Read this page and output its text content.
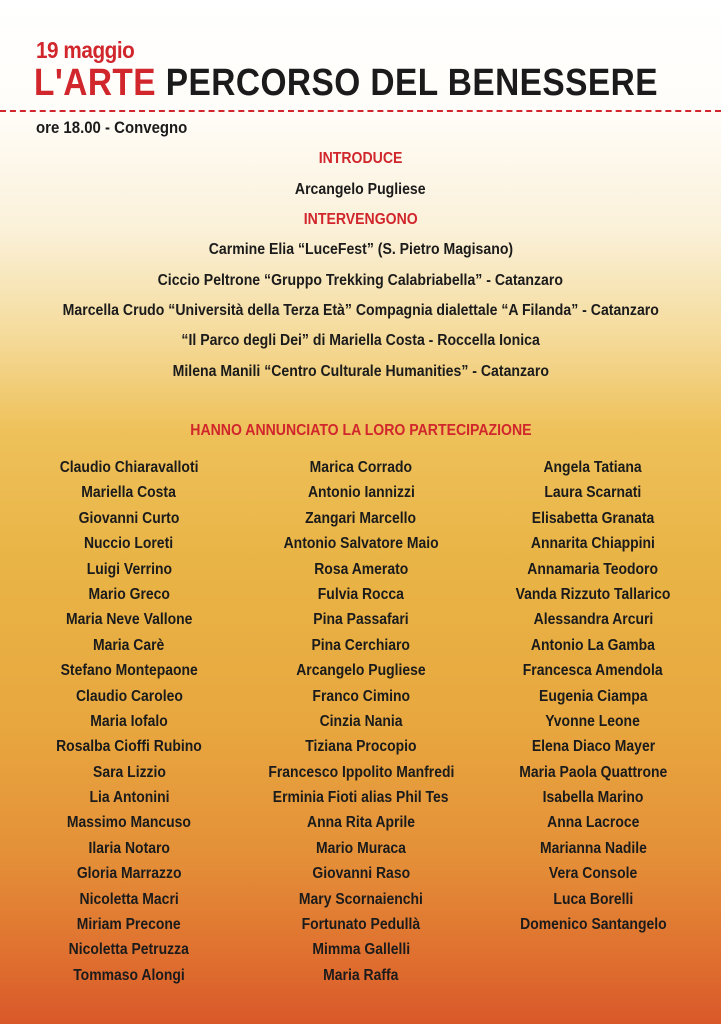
19 maggio
L'ARTE PERCORSO DEL BENESSERE
ore 18.00 - Convegno
INTRODUCE
Arcangelo Pugliese
INTERVENGONO
Carmine Elia “LuceFest” (S. Pietro Magisano)
Ciccio Peltrone “Gruppo Trekking Calabriabella” - Catanzaro
Marcella Crudo “Università della Terza Età” Compagnia dialettale “A Filanda” - Catanzaro
“Il Parco degli Dei” di Mariella Costa - Roccella Ionica
Milena Manili “Centro Culturale Humanities” - Catanzaro
HANNO ANNUNCIATO LA LORO PARTECIPAZIONE
Claudio Chiaravalloti
Mariella Costa
Giovanni Curto
Nuccio Loreti
Luigi Verrino
Mario Greco
Maria Neve Vallone
Maria Carè
Stefano Montepaone
Claudio Caroleo
Maria Iofalo
Rosalba Cioffi Rubino
Sara Lizzio
Lia Antonini
Massimo Mancuso
Ilaria Notaro
Gloria Marrazzo
Nicoletta Macri
Miriam Precone
Nicoletta Petruzza
Tommaso Alongi
Marica Corrado
Antonio Iannizzi
Zangari Marcello
Antonio Salvatore Maio
Rosa Amerato
Fulvia Rocca
Pina Passafari
Pina Cerchiaro
Arcangelo Pugliese
Franco Cimino
Cinzia Nania
Tiziana Procopio
Francesco Ippolito Manfredi
Erminia Fioti alias Phil Tes
Anna Rita Aprile
Mario Muraca
Giovanni Raso
Mary Scornaienchi
Fortunato Pedullà
Mimma Gallelli
Maria Raffa
Angela Tatiana
Laura Scarnati
Elisabetta Granata
Annarita Chiappini
Annamaria Teodoro
Vanda Rizzuto Tallarico
Alessandra Arcuri
Antonio La Gamba
Francesca Amendola
Eugenia Ciampa
Yvonne Leone
Elena Diaco Mayer
Maria Paola Quattrone
Isabella Marino
Anna Lacroce
Marianna Nadile
Vera Console
Luca Borelli
Domenico Santangelo
